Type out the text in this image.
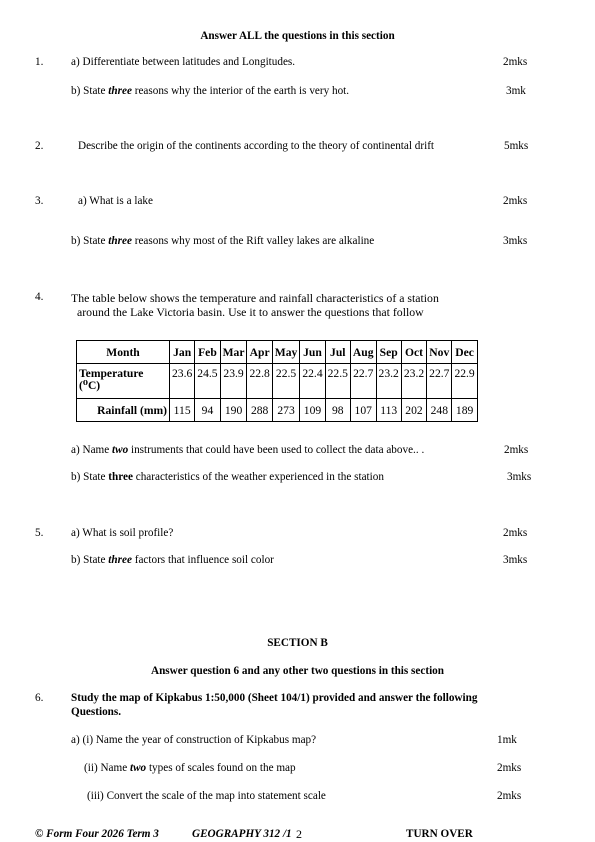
Answer ALL the questions in this section
1. a) Differentiate between latitudes and Longitudes.	2mks
b) State three reasons why the interior of the earth is very hot.	3mk
2.	Describe the origin of the continents according to the theory of continental drift	5mks
3.	a) What is a lake	2mks
b) State three reasons why most of the Rift valley lakes are alkaline	3mks
4. The table below shows the temperature and rainfall characteristics of a station
around the Lake Victoria basin. Use it to answer the questions that follow
Month	Jan	Feb	Mar	Apr	May	Jun	Jul	Aug	Sep	Oct	Nov	Dec
Temperature
(⁰C)	23.6	24.5	23.9	22.8	22.5	22.4	22.5	22.7	23.2	23.2	22.7	22.9
Rainfall (mm)	115	94	190	288	273	109	98	107	113	202	248	189
a) Name two instruments that could have been used to collect the data above.. .	2mks
b) State three characteristics of the weather experienced in the station	3mks
5. a) What is soil profile?	2mks
b) State three factors that influence soil color	3mks
SECTION B
Answer question 6 and any other two questions in this section
6. Study the map of Kipkabus 1:50,000 (Sheet 104/1) provided and answer the following
Questions.
a) (i) Name the year of construction of Kipkabus map?	1mk
(ii) Name two types of scales found on the map	2mks
(iii) Convert the scale of the map into statement scale	2mks
© Form Four 2026 Term 3	GEOGRAPHY 312 /1 2	TURN OVER
